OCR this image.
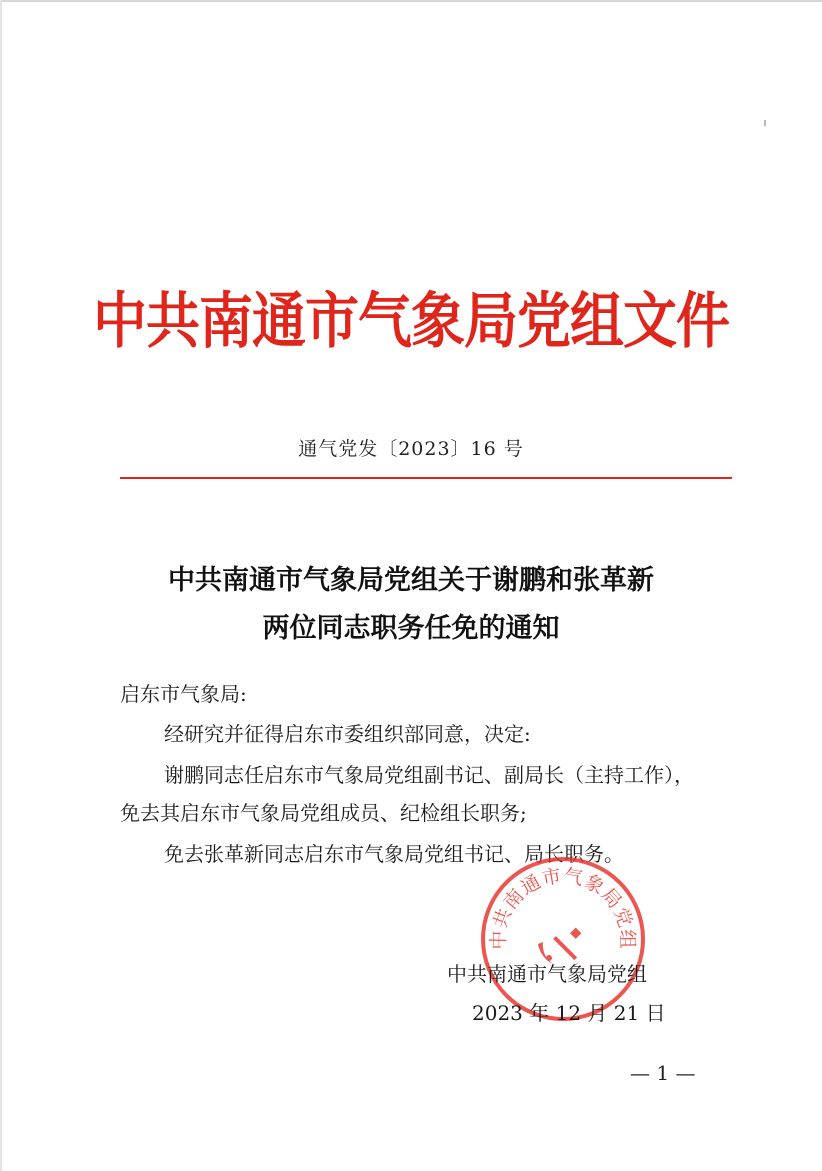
中共南通市气象局党组文件
通气党发〔2023〕16 号
中共南通市气象局党组关于谢鹏和张革新
两位同志职务任免的通知
启东市气象局:
经研究并征得启东市委组织部同意，决定:
谢鹏同志任启东市气象局党组副书记、副局长（主持工作），
免去其启东市气象局党组成员、纪检组长职务;
免去张革新同志启东市气象局党组书记、局长职务。
中共南通市气象局党组
中共南通市气象局党组
2023 年 12 月 21 日
— 1 —
